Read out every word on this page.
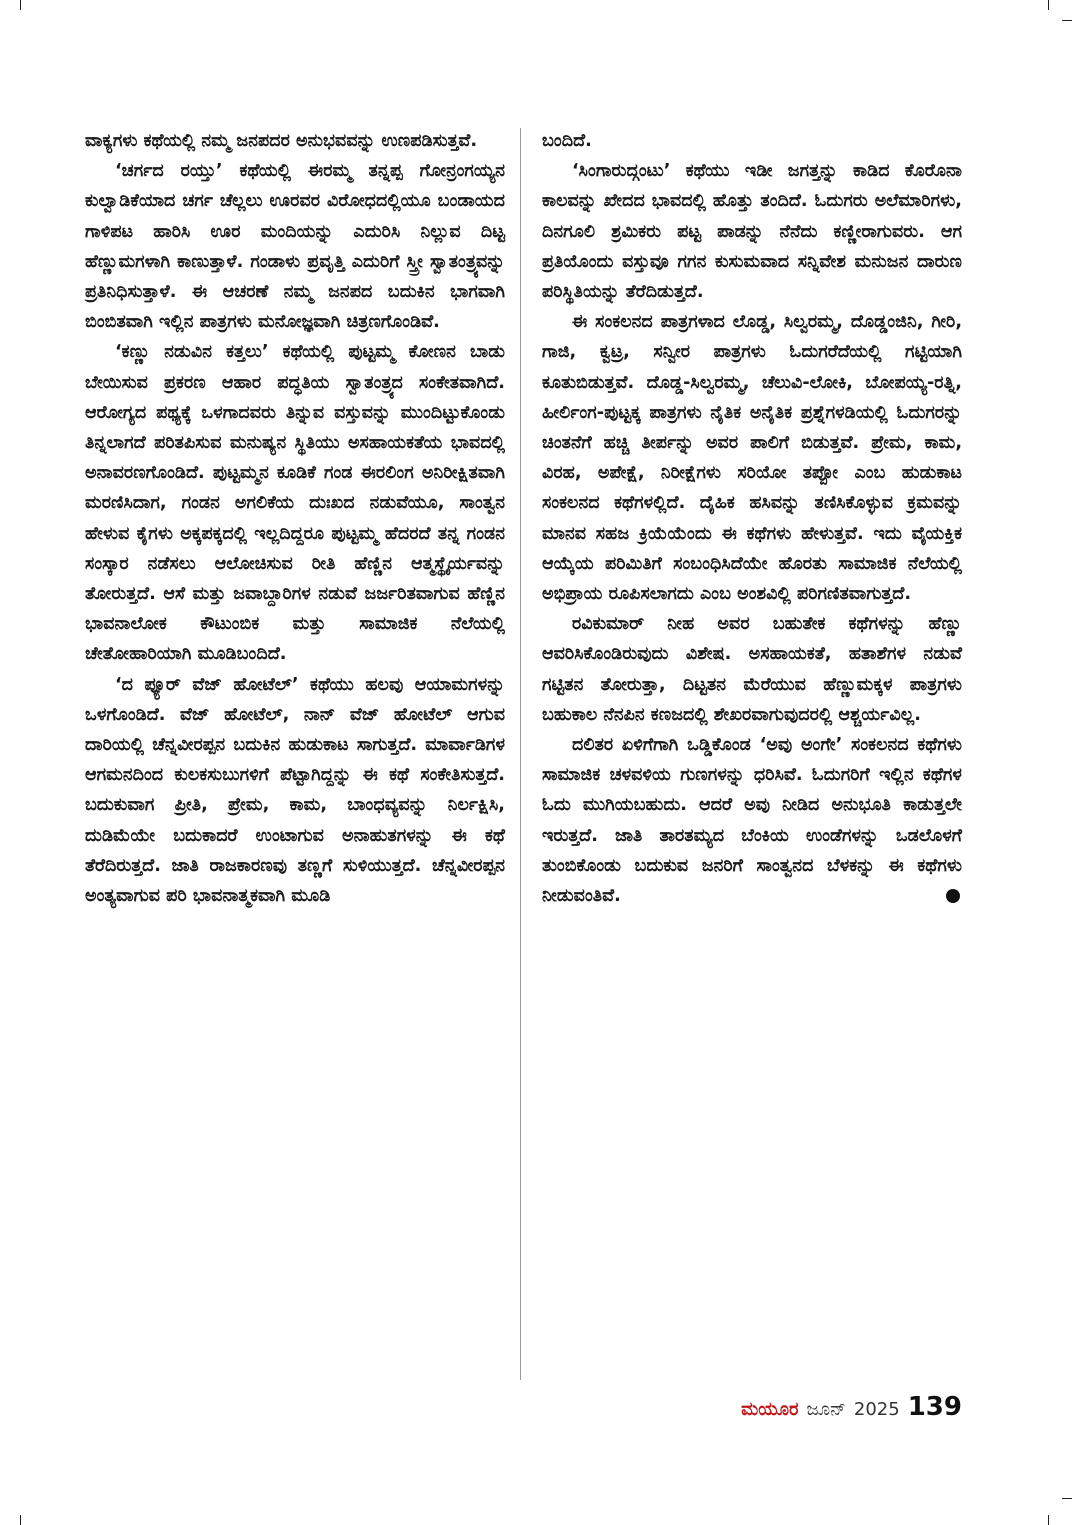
ವಾಕ್ಯಗಳು ಕಥೆಯಲ್ಲಿ ನಮ್ಮ ಜನಪದರ ಅನುಭವವನ್ನು ಉಣಪಡಿಸುತ್ತವೆ.

‘ಚರ್ಗದ ರಯ್ತು’ ಕಥೆಯಲ್ಲಿ ಈರಮ್ಮ ತನ್ನಪ್ಪ ಗೋನ್ರಂಗಯ್ಯನ ಕುಲ್ವಾಡಿಕೆಯಾದ ಚರ್ಗ ಚೆಲ್ಲಲು ಊರವರ ವಿರೋಧದಲ್ಲಿಯೂ ಬಂಡಾಯದ ಗಾಳಿಪಟ ಹಾರಿಸಿ ಊರ ಮಂದಿಯನ್ನು ಎದುರಿಸಿ ನಿಲ್ಲುವ ದಿಟ್ಟ ಹೆಣ್ಣುಮಗಳಾಗಿ ಕಾಣುತ್ತಾಳೆ. ಗಂಡಾಳು ಪ್ರವೃತ್ತಿ ಎದುರಿಗೆ ಸ್ತ್ರೀ ಸ್ವಾತಂತ್ರ್ಯವನ್ನು ಪ್ರತಿನಿಧಿಸುತ್ತಾಳೆ. ಈ ಆಚರಣೆ ನಮ್ಮ ಜನಪದ ಬದುಕಿನ ಭಾಗವಾಗಿ ಬಿಂಬಿತವಾಗಿ ಇಲ್ಲಿನ ಪಾತ್ರಗಳು ಮನೋಜ್ಞವಾಗಿ ಚಿತ್ರಣಗೊಂಡಿವೆ.

‘ಕಣ್ಣು ನಡುವಿನ ಕತ್ತಲು’ ಕಥೆಯಲ್ಲಿ ಪುಟ್ಟಮ್ಮ ಕೋಣನ ಬಾಡು ಬೇಯಿಸುವ ಪ್ರಕರಣ ಆಹಾರ ಪದ್ಧತಿಯ ಸ್ವಾತಂತ್ರ್ಯದ ಸಂಕೇತವಾಗಿದೆ. ಆರೋಗ್ಯದ ಪಥ್ಯಕ್ಕೆ ಒಳಗಾದವರು ತಿನ್ನುವ ವಸ್ತುವನ್ನು ಮುಂದಿಟ್ಟುಕೊಂಡು ತಿನ್ನಲಾಗದೆ ಪರಿತಪಿಸುವ ಮನುಷ್ಯನ ಸ್ಥಿತಿಯು ಅಸಹಾಯಕತೆಯ ಭಾವದಲ್ಲಿ ಅನಾವರಣಗೊಂಡಿದೆ. ಪುಟ್ಟಮ್ಮನ ಕೂಡಿಕೆ ಗಂಡ ಈರಲಿಂಗ ಅನಿರೀಕ್ಷಿತವಾಗಿ ಮರಣಿಸಿದಾಗ, ಗಂಡನ ಅಗಲಿಕೆಯ ದುಃಖದ ನಡುವೆಯೂ, ಸಾಂತ್ವನ ಹೇಳುವ ಕೈಗಳು ಅಕ್ಕಪಕ್ಕದಲ್ಲಿ ಇಲ್ಲದಿದ್ದರೂ ಪುಟ್ಟಮ್ಮ ಹೆದರದೆ ತನ್ನ ಗಂಡನ ಸಂಸ್ಕಾರ ನಡೆಸಲು ಆಲೋಚಿಸುವ ರೀತಿ ಹೆಣ್ಣಿನ ಆತ್ಮಸ್ಥೈರ್ಯವನ್ನು ತೋರುತ್ತದೆ. ಆಸೆ ಮತ್ತು ಜವಾಬ್ದಾರಿಗಳ ನಡುವೆ ಜರ್ಜರಿತವಾಗುವ ಹೆಣ್ಣಿನ ಭಾವನಾಲೋಕ ಕೌಟುಂಬಿಕ ಮತ್ತು ಸಾಮಾಜಿಕ ನೆಲೆಯಲ್ಲಿ ಚೇತೋಹಾರಿಯಾಗಿ ಮೂಡಿಬಂದಿದೆ.

‘ದ ಪ್ಯೂರ್ ವೆಜ್ ಹೋಟೆಲ್’ ಕಥೆಯು ಹಲವು ಆಯಾಮಗಳನ್ನು ಒಳಗೊಂಡಿದೆ. ವೆಜ್ ಹೋಟೆಲ್, ನಾನ್ ವೆಜ್ ಹೋಟೆಲ್ ಆಗುವ ದಾರಿಯಲ್ಲಿ ಚೆನ್ನವೀರಪ್ಪನ ಬದುಕಿನ ಹುಡುಕಾಟ ಸಾಗುತ್ತದೆ. ಮಾರ್ವಾಡಿಗಳ ಆಗಮನದಿಂದ ಕುಲಕಸುಬುಗಳಿಗೆ ಪೆಟ್ಟಾಗಿದ್ದನ್ನು ಈ ಕಥೆ ಸಂಕೇತಿಸುತ್ತದೆ. ಬದುಕುವಾಗ ಪ್ರೀತಿ, ಪ್ರೇಮ, ಕಾಮ, ಬಾಂಧವ್ಯವನ್ನು ನಿರ್ಲಕ್ಷಿಸಿ, ದುಡಿಮೆಯೇ ಬದುಕಾದರೆ ಉಂಟಾಗುವ ಅನಾಹುತಗಳನ್ನು ಈ ಕಥೆ ತೆರೆದಿರುತ್ತದೆ. ಜಾತಿ ರಾಜಕಾರಣವು ತಣ್ಣಗೆ ಸುಳಿಯುತ್ತದೆ. ಚೆನ್ನವೀರಪ್ಪನ ಅಂತ್ಯವಾಗುವ ಪರಿ ಭಾವನಾತ್ಮಕವಾಗಿ ಮೂಡಿ

ಬಂದಿದೆ.

‘ಸಿಂಗಾರುದ್ಗಂಟು’ ಕಥೆಯು ಇಡೀ ಜಗತ್ತನ್ನು ಕಾಡಿದ ಕೊರೊನಾ ಕಾಲವನ್ನು ಖೇದದ ಭಾವದಲ್ಲಿ ಹೊತ್ತು ತಂದಿದೆ. ಓದುಗರು ಅಲೆಮಾರಿಗಳು, ದಿನಗೂಲಿ ಶ್ರಮಿಕರು ಪಟ್ಟ ಪಾಡನ್ನು ನೆನೆದು ಕಣ್ಣೀರಾಗುವರು. ಆಗ ಪ್ರತಿಯೊಂದು ವಸ್ತುವೂ ಗಗನ ಕುಸುಮವಾದ ಸನ್ನಿವೇಶ ಮನುಜನ ದಾರುಣ ಪರಿಸ್ಥಿತಿಯನ್ನು ತೆರೆದಿಡುತ್ತದೆ.

ಈ ಸಂಕಲನದ ಪಾತ್ರಗಳಾದ ಲೊಡ್ಡ, ಸಿಲ್ವರಮ್ಮ, ದೊಡ್ಡಂಜಿನಿ, ಗೀರಿ, ಗಾಜಿ, ಕ್ವಟ್ರ, ಸನ್ವೀರ ಪಾತ್ರಗಳು ಓದುಗರೆದೆಯಲ್ಲಿ ಗಟ್ಟಿಯಾಗಿ ಕೂತುಬಿಡುತ್ತವೆ. ದೊಡ್ಡ-ಸಿಲ್ವರಮ್ಮ, ಚೆಲುವಿ-ಲೋಕಿ, ಬೋಪಯ್ಯ-ರತ್ನಿ, ಹೀರ್ಲಿಂಗ-ಪುಟ್ಟಕ್ಕ ಪಾತ್ರಗಳು ನೈತಿಕ ಅನೈತಿಕ ಪ್ರಶ್ನೆಗಳಡಿಯಲ್ಲಿ ಓದುಗರನ್ನು ಚಿಂತನೆಗೆ ಹಚ್ಚಿ ತೀರ್ಪನ್ನು ಅವರ ಪಾಲಿಗೆ ಬಿಡುತ್ತವೆ. ಪ್ರೇಮ, ಕಾಮ, ವಿರಹ, ಅಪೇಕ್ಷೆ, ನಿರೀಕ್ಷೆಗಳು ಸರಿಯೋ ತಪ್ಪೋ ಎಂಬ ಹುಡುಕಾಟ ಸಂಕಲನದ ಕಥೆಗಳಲ್ಲಿದೆ. ದೈಹಿಕ ಹಸಿವನ್ನು ತಣಿಸಿಕೊಳ್ಳುವ ಕ್ರಮವನ್ನು ಮಾನವ ಸಹಜ ಕ್ರಿಯೆಯೆಂದು ಈ ಕಥೆಗಳು ಹೇಳುತ್ತವೆ. ಇದು ವೈಯಕ್ತಿಕ ಆಯ್ಕೆಯ ಪರಿಮಿತಿಗೆ ಸಂಬಂಧಿಸಿದೆಯೇ ಹೊರತು ಸಾಮಾಜಿಕ ನೆಲೆಯಲ್ಲಿ ಅಭಿಪ್ರಾಯ ರೂಪಿಸಲಾಗದು ಎಂಬ ಅಂಶವಿಲ್ಲಿ ಪರಿಗಣಿತವಾಗುತ್ತದೆ.

ರವಿಕುಮಾರ್ ನೀಹ ಅವರ ಬಹುತೇಕ ಕಥೆಗಳನ್ನು ಹೆಣ್ಣು ಆವರಿಸಿಕೊಂಡಿರುವುದು ವಿಶೇಷ. ಅಸಹಾಯಕತೆ, ಹತಾಶೆಗಳ ನಡುವೆ ಗಟ್ಟಿತನ ತೋರುತ್ತಾ, ದಿಟ್ಟತನ ಮೆರೆಯುವ ಹೆಣ್ಣುಮಕ್ಕಳ ಪಾತ್ರಗಳು ಬಹುಕಾಲ ನೆನಪಿನ ಕಣಜದಲ್ಲಿ ಶೇಖರವಾಗುವುದರಲ್ಲಿ ಆಶ್ಚರ್ಯವಿಲ್ಲ.

ದಲಿತರ ಏಳಿಗೆಗಾಗಿ ಒಡ್ಡಿಕೊಂಡ ‘ಅವು ಅಂಗೇ’ ಸಂಕಲನದ ಕಥೆಗಳು ಸಾಮಾಜಿಕ ಚಳವಳಿಯ ಗುಣಗಳನ್ನು ಧರಿಸಿವೆ. ಓದುಗರಿಗೆ ಇಲ್ಲಿನ ಕಥೆಗಳ ಓದು ಮುಗಿಯಬಹುದು. ಆದರೆ ಅವು ನೀಡಿದ ಅನುಭೂತಿ ಕಾಡುತ್ತಲೇ ಇರುತ್ತದೆ. ಜಾತಿ ತಾರತಮ್ಯದ ಬೆಂಕಿಯ ಉಂಡೆಗಳನ್ನು ಒಡಲೊಳಗೆ ತುಂಬಿಕೊಂಡು ಬದುಕುವ ಜನರಿಗೆ ಸಾಂತ್ವನದ ಬೆಳಕನ್ನು ಈ ಕಥೆಗಳು ನೀಡುವಂತಿವೆ.

ಮಯೂರ ಜೂನ್ 2025 139
